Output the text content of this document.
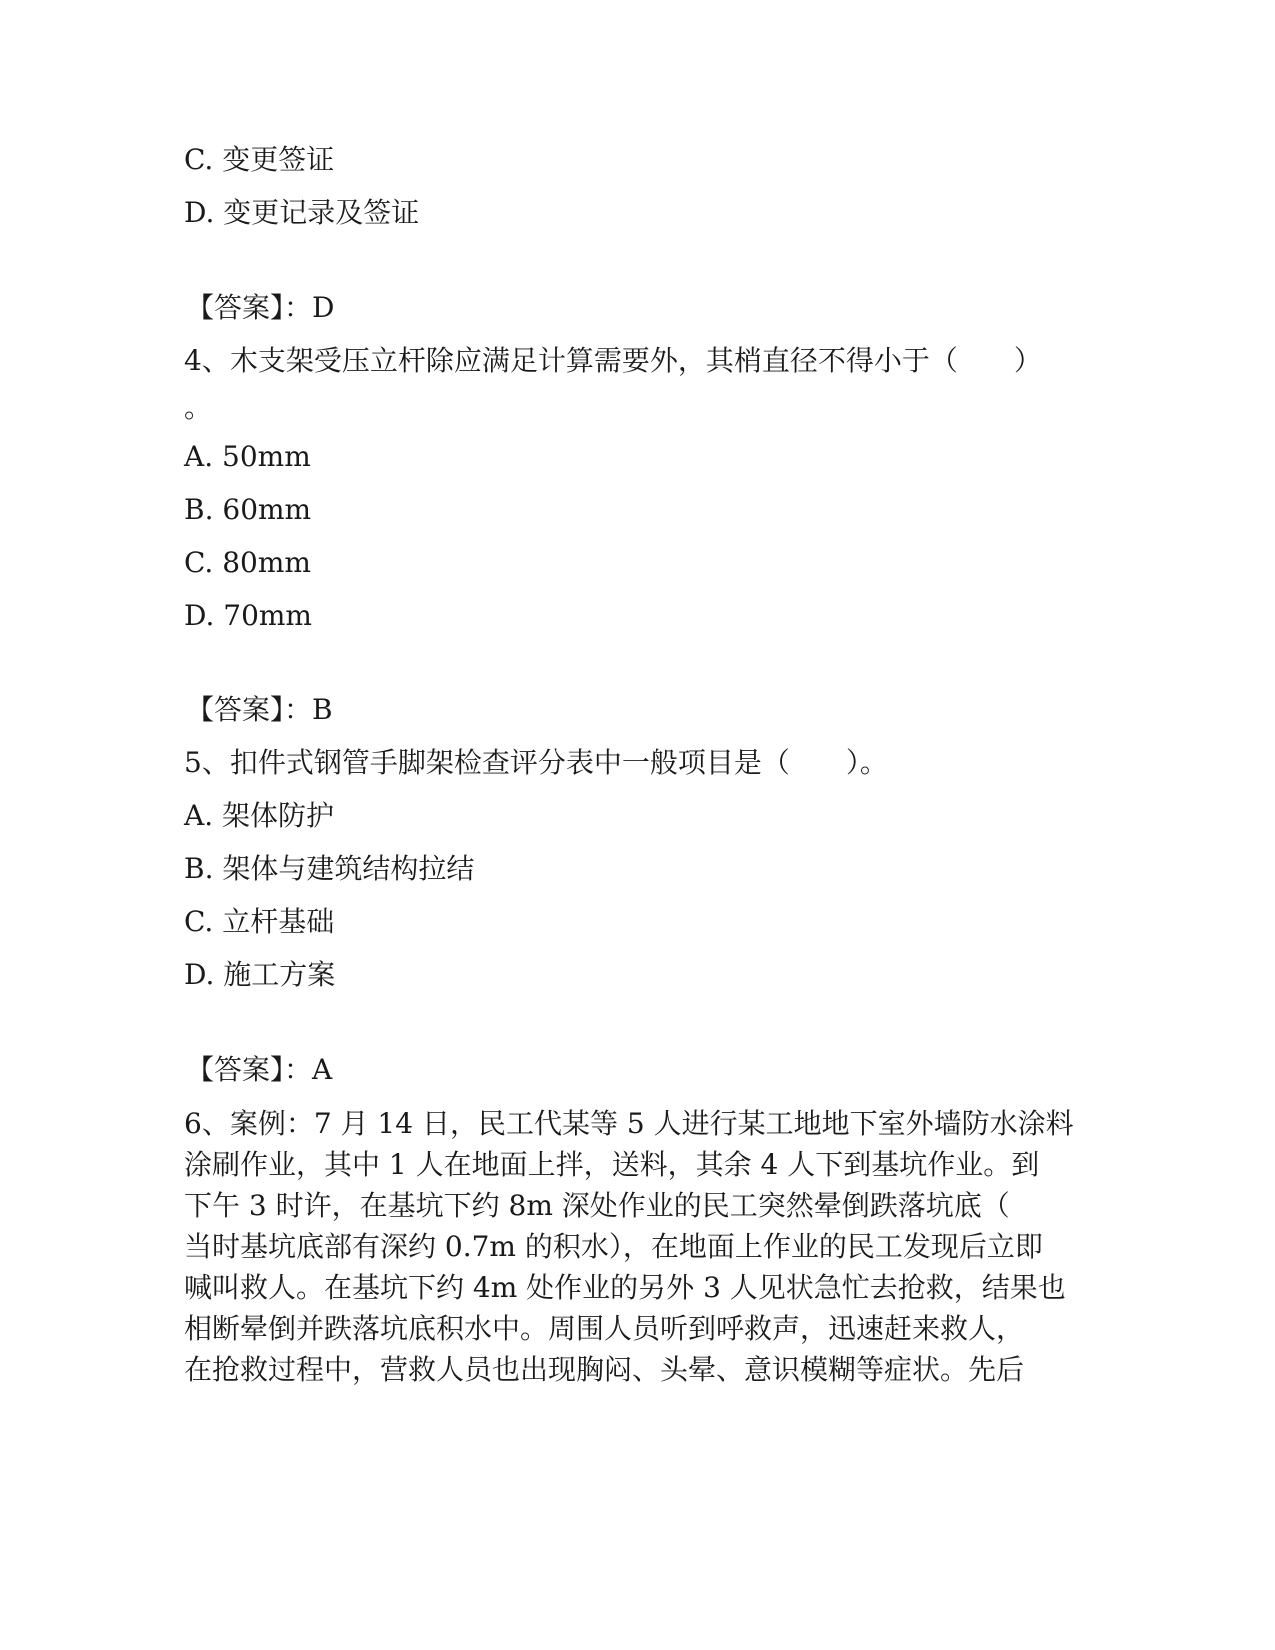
C. 变更签证
D. 变更记录及签证
【答案】：D
4、木支架受压立杆除应满足计算需要外，其梢直径不得小于（　　）
。
A. 50mm
B. 60mm
C. 80mm
D. 70mm
【答案】：B
5、扣件式钢管手脚架检查评分表中一般项目是（　　）。
A. 架体防护
B. 架体与建筑结构拉结
C. 立杆基础
D. 施工方案
【答案】：A
6、案例：7 月 14 日，民工代某等 5 人进行某工地地下室外墙防水涂料
涂刷作业，其中 1 人在地面上拌，送料，其余 4 人下到基坑作业。到
下午 3 时许，在基坑下约 8m 深处作业的民工突然晕倒跌落坑底（
当时基坑底部有深约 0.7m 的积水），在地面上作业的民工发现后立即
喊叫救人。在基坑下约 4m 处作业的另外 3 人见状急忙去抢救，结果也
相断晕倒并跌落坑底积水中。周围人员听到呼救声，迅速赶来救人，
在抢救过程中，营救人员也出现胸闷、头晕、意识模糊等症状。先后
